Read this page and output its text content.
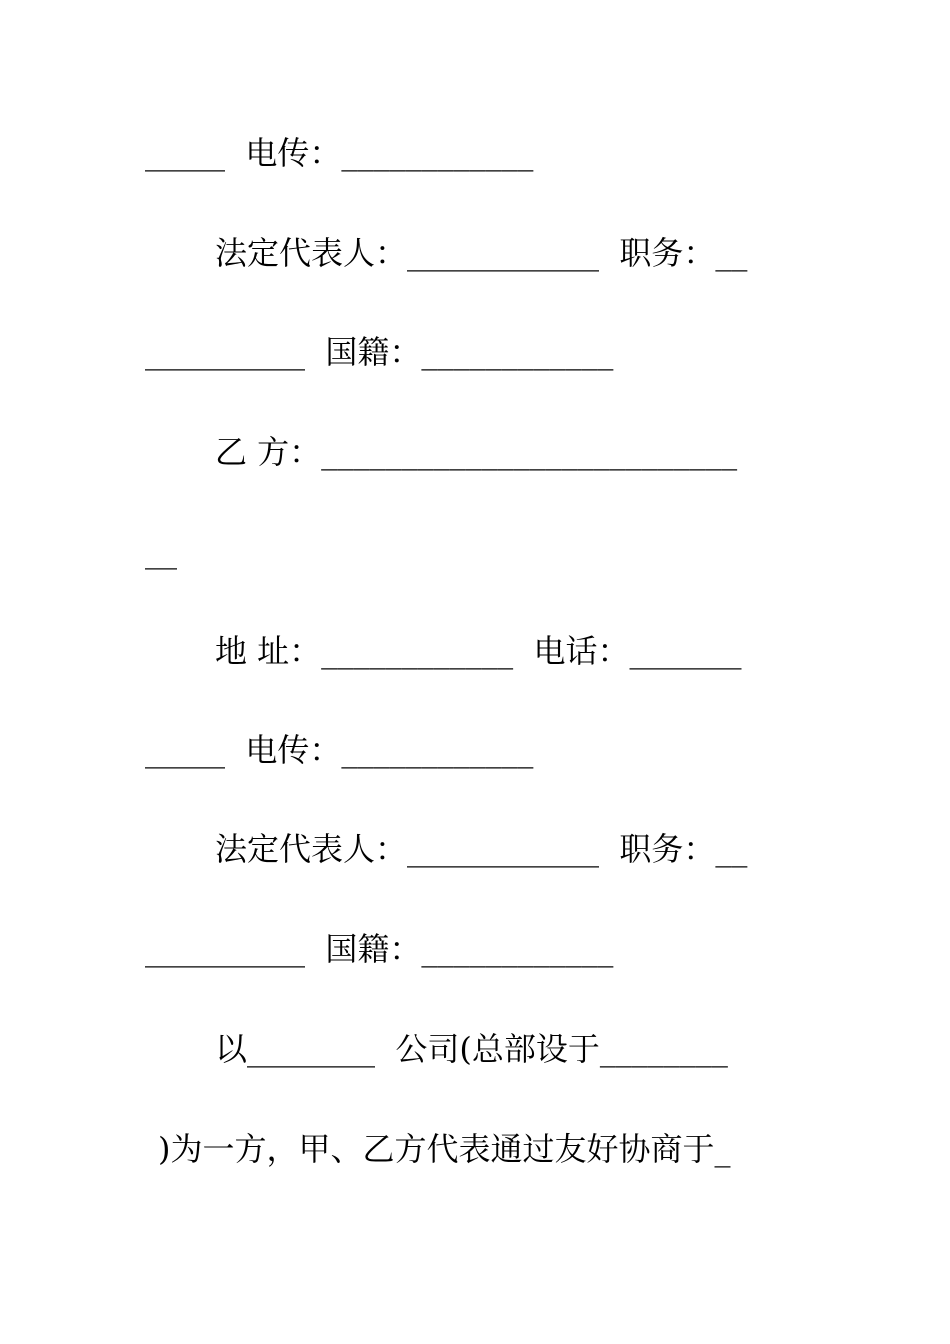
_____  电传：____________
法定代表人：____________  职务：__
__________  国籍：____________
乙 方：__________________________
__
地 址：____________  电话：_______
_____  电传：____________
法定代表人：____________  职务：__
__________  国籍：____________
以________  公司(总部设于________
)为一方，甲、乙方代表通过友好协商于_
